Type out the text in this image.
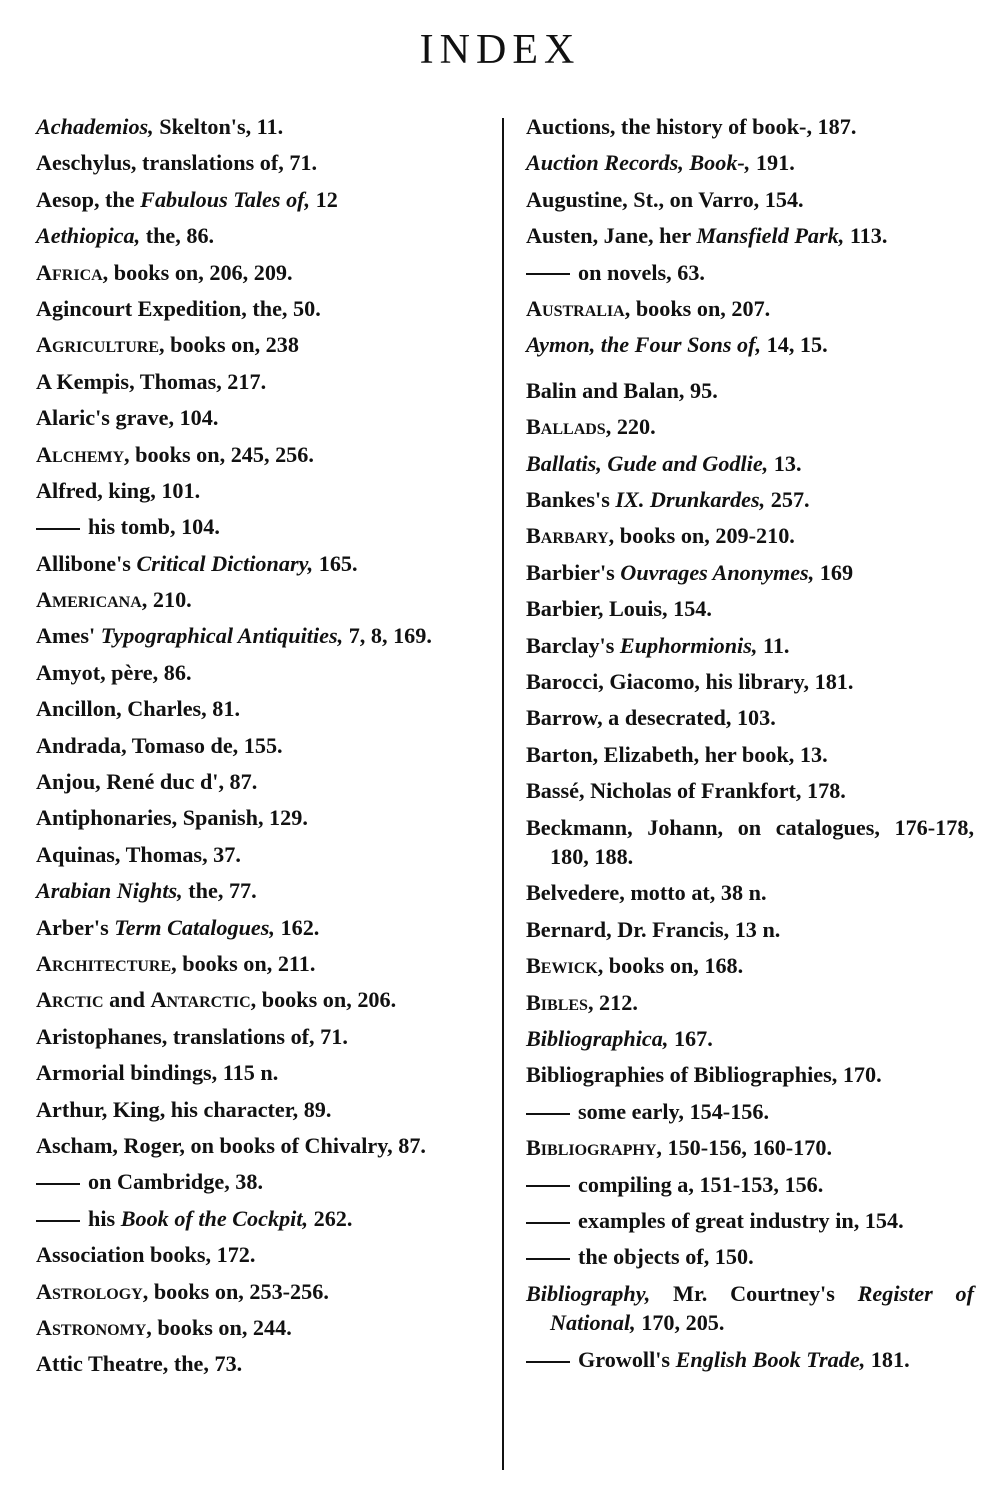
INDEX
Achademios, Skelton's, 11.
Aeschylus, translations of, 71.
Aesop, the Fabulous Tales of, 12
Aethiopica, the, 86.
Africa, books on, 206, 209.
Agincourt Expedition, the, 50.
Agriculture, books on, 238
A Kempis, Thomas, 217.
Alaric's grave, 104.
Alchemy, books on, 245, 256.
Alfred, king, 101.
his tomb, 104.
Allibone's Critical Dictionary, 165.
Americana, 210.
Ames' Typographical Antiquities, 7, 8, 169.
Amyot, père, 86.
Ancillon, Charles, 81.
Andrada, Tomaso de, 155.
Anjou, René duc d', 87.
Antiphonaries, Spanish, 129.
Aquinas, Thomas, 37.
Arabian Nights, the, 77.
Arber's Term Catalogues, 162.
Architecture, books on, 211.
Arctic and Antarctic, books on, 206.
Aristophanes, translations of, 71.
Armorial bindings, 115 n.
Arthur, King, his character, 89.
Ascham, Roger, on books of Chivalry, 87.
on Cambridge, 38.
his Book of the Cockpit, 262.
Association books, 172.
Astrology, books on, 253-256.
Astronomy, books on, 244.
Attic Theatre, the, 73.
Auctions, the history of book-, 187.
Auction Records, Book-, 191.
Augustine, St., on Varro, 154.
Austen, Jane, her Mansfield Park, 113.
on novels, 63.
Australia, books on, 207.
Aymon, the Four Sons of, 14, 15.
Balin and Balan, 95.
Ballads, 220.
Ballatis, Gude and Godlie, 13.
Bankes's IX. Drunkardes, 257.
Barbary, books on, 209-210.
Barbier's Ouvrages Anonymes, 169
Barbier, Louis, 154.
Barclay's Euphormionis, 11.
Barocci, Giacomo, his library, 181.
Barrow, a desecrated, 103.
Barton, Elizabeth, her book, 13.
Bassé, Nicholas of Frankfort, 178.
Beckmann, Johann, on catalogues, 176-178, 180, 188.
Belvedere, motto at, 38 n.
Bernard, Dr. Francis, 13 n.
Bewick, books on, 168.
Bibles, 212.
Bibliographica, 167.
Bibliographies of Bibliographies, 170.
some early, 154-156.
Bibliography, 150-156, 160-170.
compiling a, 151-153, 156.
examples of great industry in, 154.
the objects of, 150.
Bibliography, Mr. Courtney's Register of National, 170, 205.
Growoll's English Book Trade, 181.
